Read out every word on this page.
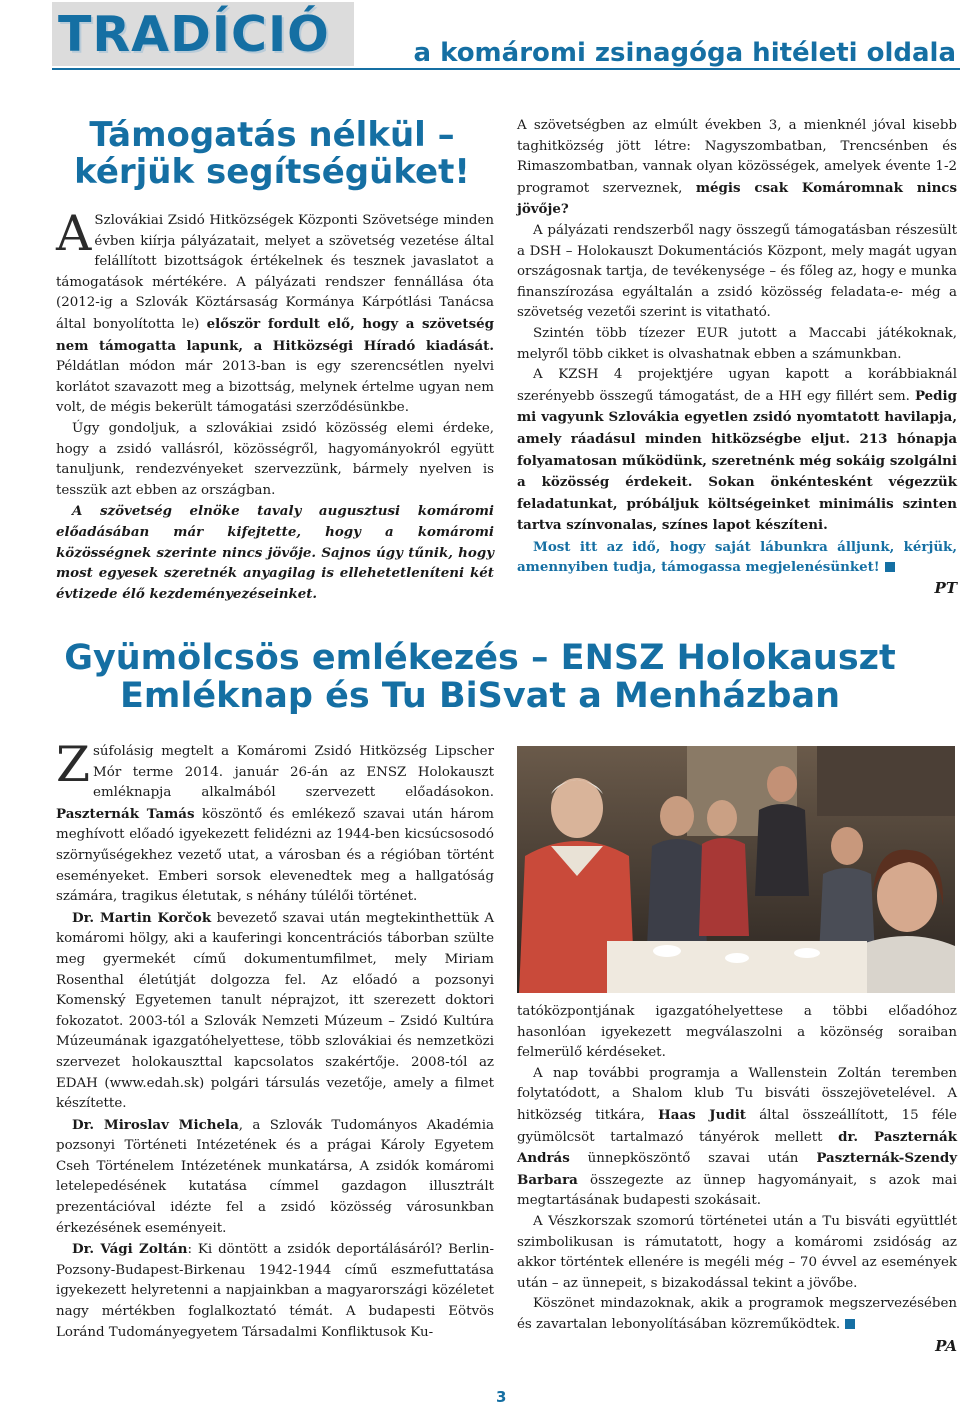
TRADÍCIÓ	a komáromi zsinagóga hitéleti oldala
Támogatás nélkül –
kérjük segítségüket!

A Szlovákiai Zsidó Hitközségek Központi Szövetsége minden évben kiírja pályázatait, melyet a szövetség vezetése által felállított bizottságok értékelnek és tesznek javaslatot a támogatások mértékére. A pályázati rendszer fennállása óta (2012-ig a Szlovák Köztársaság Kormánya Kárpótlási Tanácsa által bonyolította le) először fordult elő, hogy a szövetség nem támogatta lapunk, a Hitközségi Híradó kiadását. Példátlan módon már 2013-ban is egy szerencsétlen nyelvi korlátot szavazott meg a bizottság, melynek értelme ugyan nem volt, de mégis bekerült támogatási szerződésünkbe.

Úgy gondoljuk, a szlovákiai zsidó közösség elemi érdeke, hogy a zsidó vallásról, közösségről, hagyományokról együtt tanuljunk, rendezvényeket szervezzünk, bármely nyelven is tesszük azt ebben az országban.

A szövetség elnöke tavaly augusztusi komáromi előadásában már kifejtette, hogy a komáromi közösségnek szerinte nincs jövője. Sajnos úgy tűnik, hogy most egyesek szeretnék anyagilag is ellehetetleníteni két évtizede élő kezdeményezéseinket.

A szövetségben az elmúlt években 3, a mienknél jóval kisebb taghitközség jött létre: Nagyszombatban, Trencsénben és Rimaszombatban, vannak olyan közösségek, amelyek évente 1-2 programot szerveznek, mégis csak Komáromnak nincs jövője?

A pályázati rendszerből nagy összegű támogatásban részesült a DSH – Holokauszt Dokumentációs Központ, mely magát ugyan országosnak tartja, de tevékenysége – és főleg az, hogy e munka finanszírozása egyáltalán a zsidó közösség feladata-e- még a szövetség vezetői szerint is vitatható.

Szintén több tízezer EUR jutott a Maccabi játékoknak, melyről több cikket is olvashatnak ebben a számunkban.

A KZSH 4 projektjére ugyan kapott a korábbiaknál szerényebb összegű támogatást, de a HH egy fillért sem. Pedig mi vagyunk Szlovákia egyetlen zsidó nyomtatott havilapja, amely ráadásul minden hitközségbe eljut. 213 hónapja folyamatosan működünk, szeretnénk még sokáig szolgálni a közösség érdekeit. Sokan önkéntesként végezzük feladatunkat, próbáljuk költségeinket minimális szinten tartva színvonalas, színes lapot készíteni.

Most itt az idő, hogy saját lábunkra álljunk, kérjük, amennyiben tudja, támogassa megjelenésünket!

PT
Gyümölcsös emlékezés – ENSZ Holokauszt
Emléknap és Tu BiSvat a Menházban

Zsúfolásig megtelt a Komáromi Zsidó Hitközség Lipscher Mór terme 2014. január 26-án az ENSZ Holokauszt emléknapja alkalmából szervezett előadásokon. Paszternák Tamás köszöntő és emlékező szavai után három meghívott előadó igyekezett felidézni az 1944-ben kicsúcsosodó szörnyűségekhez vezető utat, a városban és a régióban történt eseményeket. Emberi sorsok elevenedtek meg a hallgatóság számára, tragikus életutak, s néhány túlélői történet.

Dr. Martin Korčok bevezető szavai után megtekinthettük A komáromi hölgy, aki a kauferingi koncentrációs táborban szülte meg gyermekét című dokumentumfilmet, mely Miriam Rosenthal életútját dolgozza fel. Az előadó a pozsonyi Komenský Egyetemen tanult néprajzot, itt szerezett doktori fokozatot. 2003-tól a Szlovák Nemzeti Múzeum – Zsidó Kultúra Múzeumának igazgatóhelyettese, több szlovákiai és nemzetközi szervezet holokauszttal kapcsolatos szakértője. 2008-tól az EDAH (www.edah.sk) polgári társulás vezetője, amely a filmet készítette.

Dr. Miroslav Michela, a Szlovák Tudományos Akadémia pozsonyi Történeti Intézetének és a prágai Károly Egyetem Cseh Történelem Intézetének munkatársa, A zsidók komáromi letelepedésének kutatása címmel gazdagon illusztrált prezentációval idézte fel a zsidó közösség városunkban érkezésének eseményeit.

Dr. Vági Zoltán: Ki döntött a zsidók deportálásáról? Berlin-Pozsony-Budapest-Birkenau 1942-1944 című eszmefuttatása igyekezett helyretenni a napjainkban a magyarországi közéletet nagy mértékben foglalkoztató témát. A budapesti Eötvös Loránd Tudományegyetem Társadalmi Konfliktusok Ku-

tatóközpontjának igazgatóhelyettese a többi előadóhoz hasonlóan igyekezett megválaszolni a közönség soraiban felmerülő kérdéseket.

A nap további programja a Wallenstein Zoltán teremben folytatódott, a Shalom klub Tu bisváti összejövetelével. A hitközség titkára, Haas Judit által összeállított, 15 féle gyümölcsöt tartalmazó tányérok mellett dr. Paszternák András ünnepköszöntő szavai után Paszternák-Szendy Barbara összegezte az ünnep hagyományait, s azok mai megtartásának budapesti szokásait.

A Vészkorszak szomorú történetei után a Tu bisváti együttlét szimbolikusan is rámutatott, hogy a komáromi zsidóság az akkor történtek ellenére is megéli még – 70 évvel az események után – az ünnepeit, s bizakodással tekint a jövőbe.

Köszönet mindazoknak, akik a programok megszervezésében és zavartalan lebonyolításában közreműködtek.

PA
3
